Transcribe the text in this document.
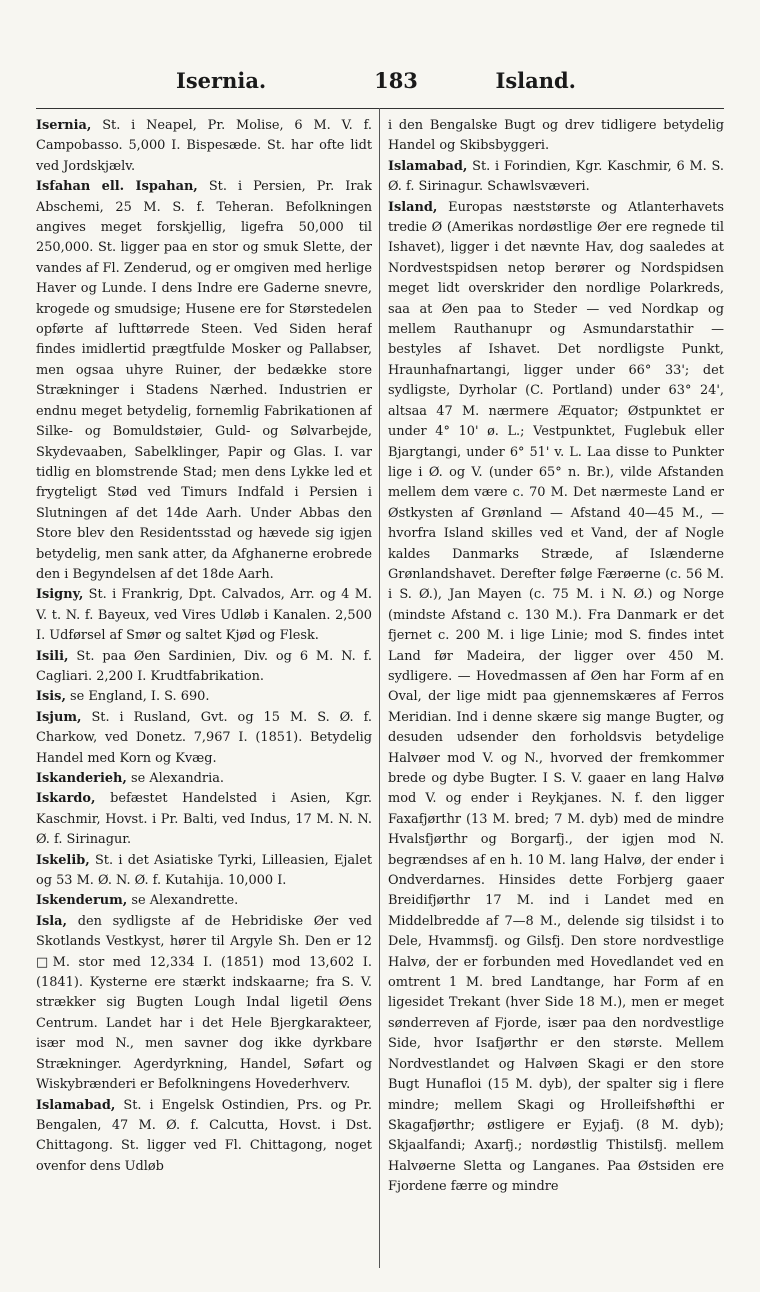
Isernia.	183	Island.

Isernia, St. i Neapel, Pr. Molise, 6 M. V. f. Campobasso. 5,000 I. Bispesæde. St. har ofte lidt ved Jordskjælv.

Isfahan ell. Ispahan, St. i Persien, Pr. Irak Abschemi, 25 M. S. f. Teheran. Befolkningen angives meget forskjellig, ligefra 50,000 til 250,000. St. ligger paa en stor og smuk Slette, der vandes af Fl. Zenderud, og er omgiven med herlige Haver og Lunde. I dens Indre ere Gaderne snevre, krogede og smudsige; Husene ere for Størstedelen opførte af lufttørrede Steen. Ved Siden heraf findes imidlertid prægtfulde Mosker og Pallabser, men ogsaa uhyre Ruiner, der bedække store Strækninger i Stadens Nærhed. Industrien er endnu meget betydelig, fornemlig Fabrikationen af Silke- og Bomuldstøier, Guld- og Sølvarbejde, Skydevaaben, Sabelklinger, Papir og Glas. I. var tidlig en blomstrende Stad; men dens Lykke led et frygteligt Stød ved Timurs Indfald i Persien i Slutningen af det 14de Aarh. Under Abbas den Store blev den Residentsstad og hævede sig igjen betydelig, men sank atter, da Afghanerne erobrede den i Begyndelsen af det 18de Aarh.

Isigny, St. i Frankrig, Dpt. Calvados, Arr. og 4 M. V. t. N. f. Bayeux, ved Vires Udløb i Kanalen. 2,500 I. Udførsel af Smør og saltet Kjød og Flesk.

Isili, St. paa Øen Sardinien, Div. og 6 M. N. f. Cagliari. 2,200 I. Krudtfabrikation.

Isis, se England, I. S. 690.

Isjum, St. i Rusland, Gvt. og 15 M. S. Ø. f. Charkow, ved Donetz. 7,967 I. (1851). Betydelig Handel med Korn og Kvæg.

Iskanderieh, se Alexandria.

Iskardo, befæstet Handelsted i Asien, Kgr. Kaschmir, Hovst. i Pr. Balti, ved Indus, 17 M. N. N. Ø. f. Sirinagur.

Iskelib, St. i det Asiatiske Tyrki, Lilleasien, Ejalet og 53 M. Ø. N. Ø. f. Kutahija. 10,000 I.

Iskenderum, se Alexandrette.

Isla, den sydligste af de Hebridiske Øer ved Skotlands Vestkyst, hører til Argyle Sh. Den er 12 □M. stor med 12,334 I. (1851) mod 13,602 I. (1841). Kysterne ere stærkt indskaarne; fra S. V. strækker sig Bugten Lough Indal ligetil Øens Centrum. Landet har i det Hele Bjergkarakteer, især mod N., men savner dog ikke dyrkbare Strækninger. Agerdyrkning, Handel, Søfart og Wiskybrænderi er Befolkningens Hovederhverv.

Islamabad, St. i Engelsk Ostindien, Prs. og Pr. Bengalen, 47 M. Ø. f. Calcutta, Hovst. i Dst. Chittagong. St. ligger ved Fl. Chittagong, noget ovenfor dens Udløb

i den Bengalske Bugt og drev tidligere betydelig Handel og Skibsbyggeri.

Islamabad, St. i Forindien, Kgr. Kaschmir, 6 M. S. Ø. f. Sirinagur. Schawlsvæveri.

Island, Europas næststørste og Atlanterhavets tredie Ø (Amerikas nordøstlige Øer ere regnede til Ishavet), ligger i det nævnte Hav, dog saaledes at Nordvestspidsen netop berører og Nordspidsen meget lidt overskrider den nordlige Polarkreds, saa at Øen paa to Steder — ved Nordkap og mellem Rauthanupr og Asmundarstathir — bestyles af Ishavet. Det nordligste Punkt, Hraunhafnartangi, ligger under 66° 33'; det sydligste, Dyrholar (C. Portland) under 63° 24', altsaa 47 M. nærmere Æquator; Østpunktet er under 4° 10' ø. L.; Vestpunktet, Fuglebuk eller Bjargtangi, under 6° 51' v. L. Laa disse to Punkter lige i Ø. og V. (under 65° n. Br.), vilde Afstanden mellem dem være c. 70 M. Det nærmeste Land er Østkysten af Grønland — Afstand 40—45 M., — hvorfra Island skilles ved et Vand, der af Nogle kaldes Danmarks Stræde, af Islænderne Grønlandshavet. Derefter følge Færøerne (c. 56 M. i S. Ø.), Jan Mayen (c. 75 M. i N. Ø.) og Norge (mindste Afstand c. 130 M.). Fra Danmark er det fjernet c. 200 M. i lige Linie; mod S. findes intet Land før Madeira, der ligger over 450 M. sydligere. — Hovedmassen af Øen har Form af en Oval, der lige midt paa gjennemskæres af Ferros Meridian. Ind i denne skære sig mange Bugter, og desuden udsender den forholdsvis betydelige Halvøer mod V. og N., hvorved der fremkommer brede og dybe Bugter. I S. V. gaaer en lang Halvø mod V. og ender i Reykjanes. N. f. den ligger Faxafjørthr (13 M. bred; 7 M. dyb) med de mindre Hvalsfjørthr og Borgarfj., der igjen mod N. begrændses af en h. 10 M. lang Halvø, der ender i Ondverdarnes. Hinsides dette Forbjerg gaaer Breidifjørthr 17 M. ind i Landet med en Middelbredde af 7—8 M., delende sig tilsidst i to Dele, Hvammsfj. og Gilsfj. Den store nordvestlige Halvø, der er forbunden med Hovedlandet ved en omtrent 1 M. bred Landtange, har Form af en ligesidet Trekant (hver Side 18 M.), men er meget sønderreven af Fjorde, især paa den nordvestlige Side, hvor Isafjørthr er den største. Mellem Nordvestlandet og Halvøen Skagi er den store Bugt Hunafloi (15 M. dyb), der spalter sig i flere mindre; mellem Skagi og Hrolleifshøfthi er Skagafjørthr; østligere er Eyjafj. (8 M. dyb); Skjaalfandi; Axarfj.; nordøstlig Thistilsfj. mellem Halvøerne Sletta og Langanes. Paa Østsiden ere Fjordene færre og mindre
